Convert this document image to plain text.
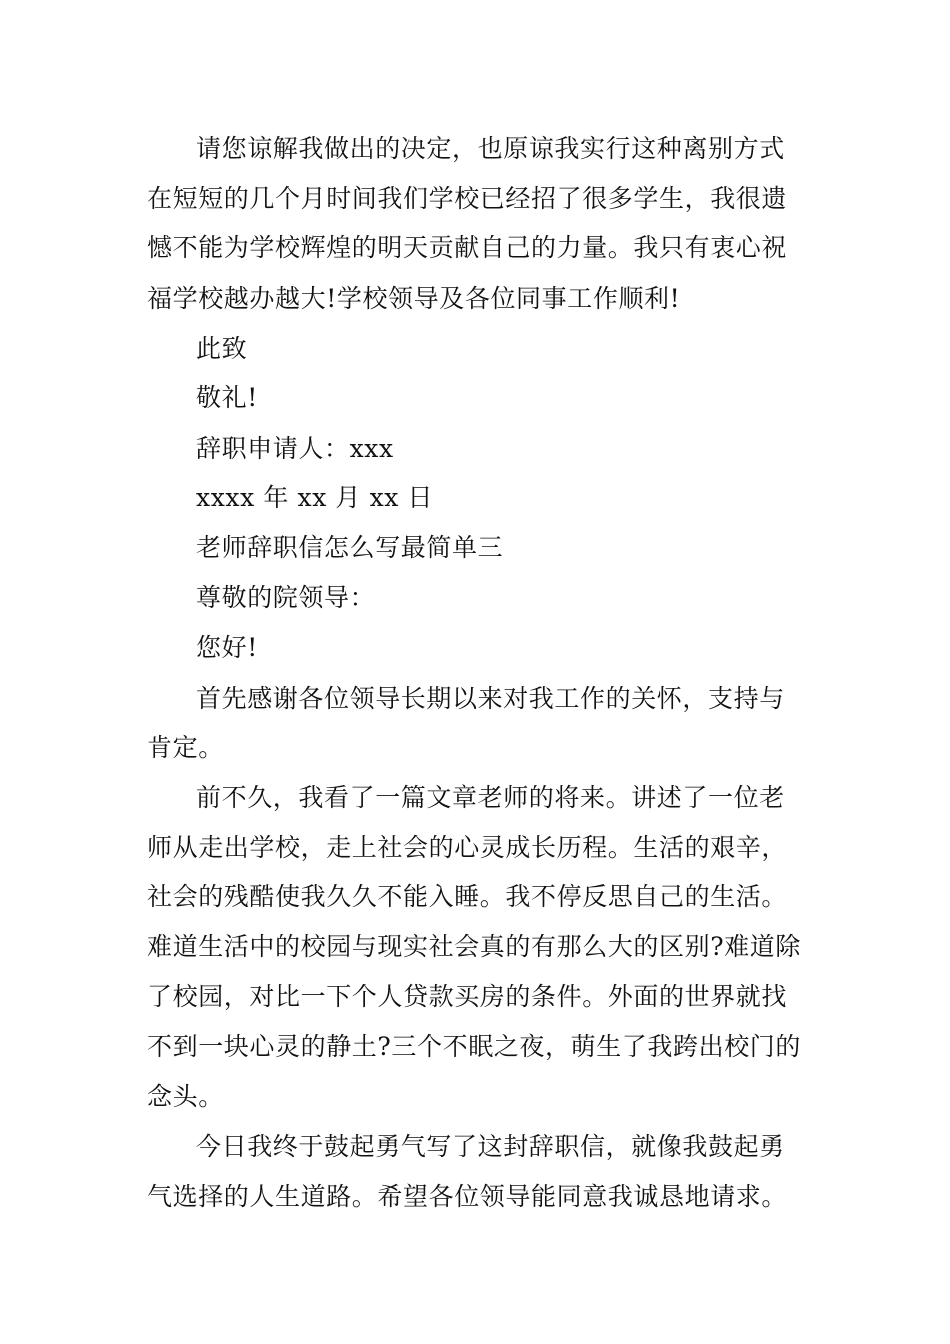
请您谅解我做出的决定，也原谅我实行这种离别方式
在短短的几个月时间我们学校已经招了很多学生，我很遗
憾不能为学校辉煌的明天贡献自己的力量。我只有衷心祝
福学校越办越大!学校领导及各位同事工作顺利!
此致
敬礼!
辞职申请人：xxx
xxxx 年 xx 月 xx 日
老师辞职信怎么写最简单三
尊敬的院领导：
您好!
首先感谢各位领导长期以来对我工作的关怀，支持与
肯定。
前不久，我看了一篇文章老师的将来。讲述了一位老
师从走出学校，走上社会的心灵成长历程。生活的艰辛，
社会的残酷使我久久不能入睡。我不停反思自己的生活。
难道生活中的校园与现实社会真的有那么大的区别?难道除
了校园，对比一下个人贷款买房的条件。外面的世界就找
不到一块心灵的静土?三个不眠之夜，萌生了我跨出校门的
念头。
今日我终于鼓起勇气写了这封辞职信，就像我鼓起勇
气选择的人生道路。希望各位领导能同意我诚恳地请求。
